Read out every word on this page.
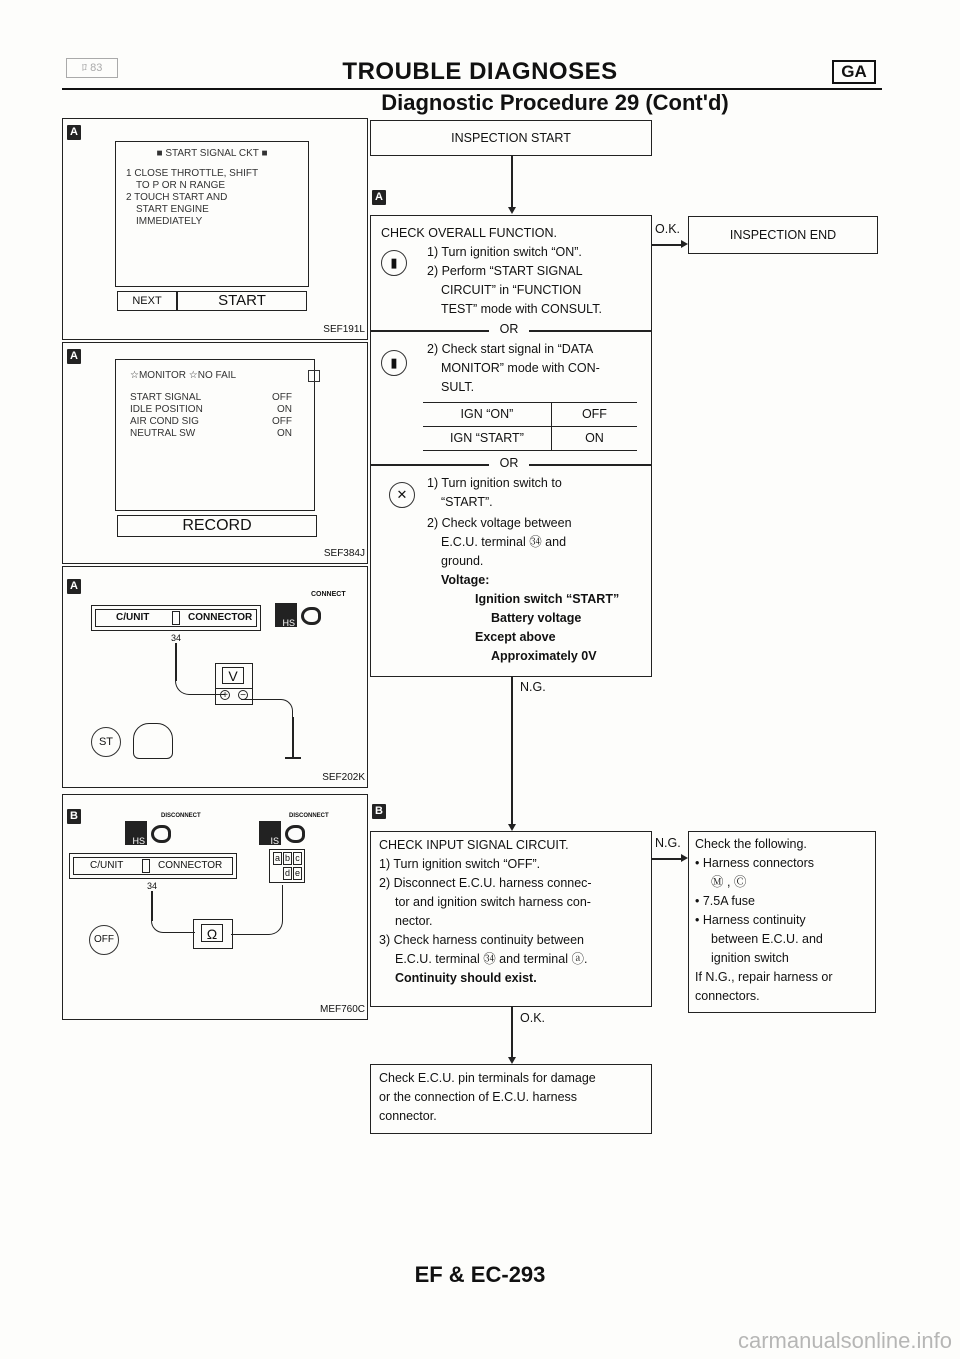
ﾛ 83	TROUBLE DIAGNOSES	GA
Diagnostic Procedure 29 (Cont'd)
A
■ START SIGNAL CKT ■
1 CLOSE THROTTLE, SHIFT
TO P OR N RANGE
2 TOUCH START AND
START ENGINE
IMMEDIATELY
NEXT	START
SEF191L
A
☆MONITOR ☆NO FAIL
START SIGNAL	OFF
IDLE POSITION	ON
AIR COND SIG	OFF
NEUTRAL SW	ON
RECORD
SEF384J
A
C/UNIT	CONNECTOR	HS
CONNECT
34
V
+ −
ST
SEF202K
B	DISCONNECT
HS
DISCONNECT
IS
C/UNIT	CONNECTOR
34
a b c
d e
Ω
OFF
MEF760C
INSPECTION START
A
CHECK OVERALL FUNCTION.
▮
1) Turn ignition switch “ON”.
2) Perform “START SIGNAL
CIRCUIT” in “FUNCTION
TEST” mode with CONSULT.
OR
▮
2) Check start signal in “DATA
MONITOR” mode with CON-
SULT.
IGN “ON”	OFF
IGN “START”	ON
OR
✕
1) Turn ignition switch to
“START”.
2) Check voltage between
E.C.U. terminal ㉞ and
ground.
Voltage:
Ignition switch “START”
Battery voltage
Except above
Approximately 0V
O.K.	INSPECTION END
N.G.
B
CHECK INPUT SIGNAL CIRCUIT.
1) Turn ignition switch “OFF”.
2) Disconnect E.C.U. harness connec-
tor and ignition switch harness con-
nector.
3) Check harness continuity between
E.C.U. terminal ㉞ and terminal ⓐ.
Continuity should exist.
N.G. Check the following.
• Harness connectors
Ⓜ , Ⓒ
• 7.5A fuse
• Harness continuity
between E.C.U. and
ignition switch
If N.G., repair harness or
connectors.
O.K.
Check E.C.U. pin terminals for damage
or the connection of E.C.U. harness
connector.
EF & EC-293
carmanualsonline.info
